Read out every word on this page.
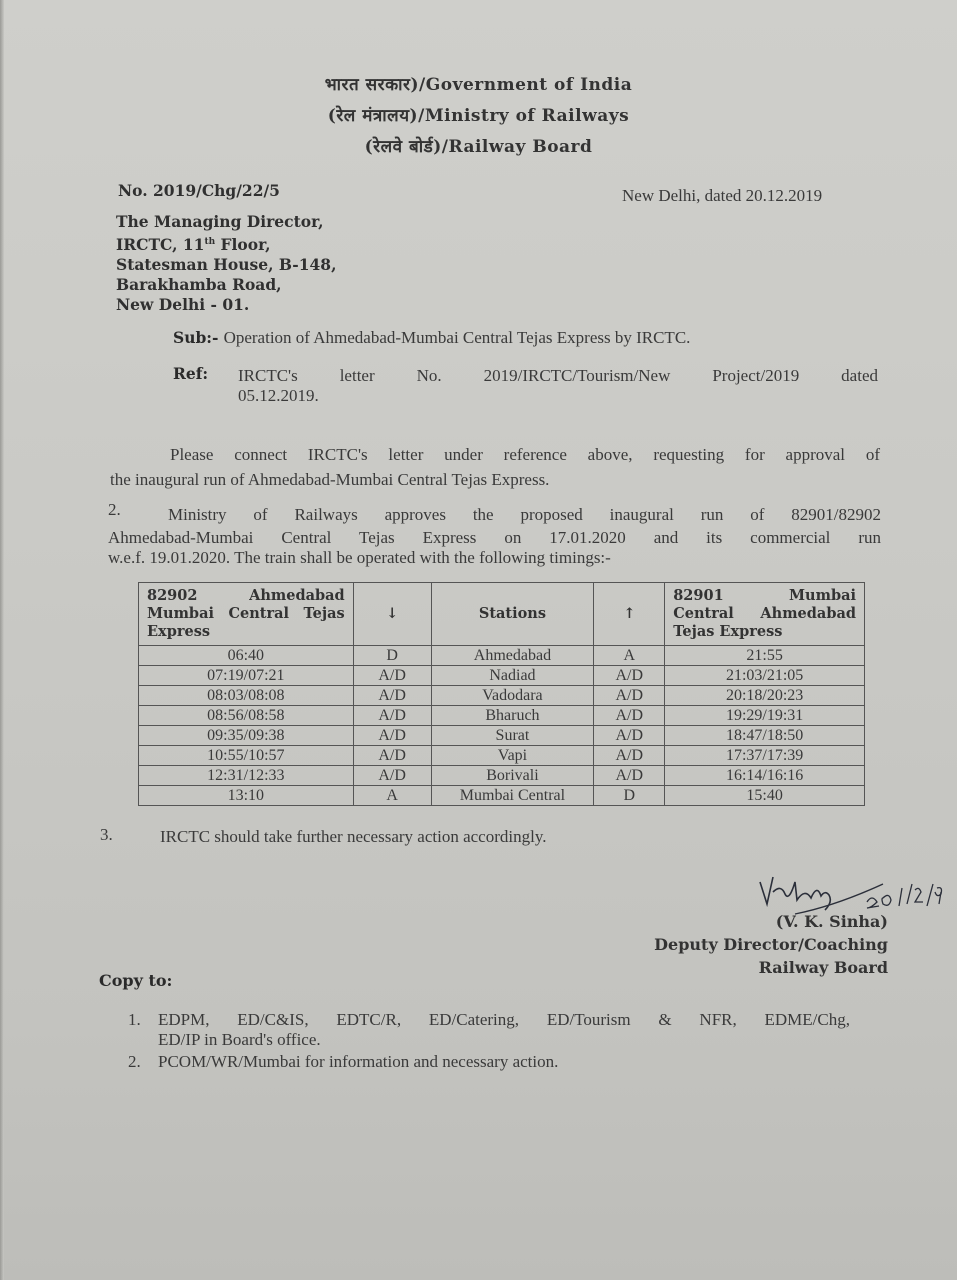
भारत सरकार)/Government of India
(रेल मंत्रालय)/Ministry of Railways
(रेलवे बोर्ड)/Railway Board
No. 2019/Chg/22/5	New Delhi, dated 20.12.2019
The Managing Director,
IRCTC, 11th Floor,
Statesman House, B-148,
Barakhamba Road,
New Delhi - 01.
Sub:- Operation of Ahmedabad-Mumbai Central Tejas Express by IRCTC.
Ref: IRCTC's letter No. 2019/IRCTC/Tourism/New Project/2019 dated
05.12.2019.
Please connect IRCTC's letter under reference above, requesting for approval of
the inaugural run of Ahmedabad-Mumbai Central Tejas Express.
2.	Ministry of Railways approves the proposed inaugural run of 82901/82902
Ahmedabad-Mumbai Central Tejas Express on 17.01.2020 and its commercial run
w.e.f. 19.01.2020. The train shall be operated with the following timings:-
82902 Ahmedabad Mumbai Central Tejas Express	↓	Stations	↑	82901 Mumbai Central Ahmedabad Tejas Express
06:40	D	Ahmedabad	A	21:55
07:19/07:21	A/D	Nadiad	A/D	21:03/21:05
08:03/08:08	A/D	Vadodara	A/D	20:18/20:23
08:56/08:58	A/D	Bharuch	A/D	19:29/19:31
09:35/09:38	A/D	Surat	A/D	18:47/18:50
10:55/10:57	A/D	Vapi	A/D	17:37/17:39
12:31/12:33	A/D	Borivali	A/D	16:14/16:16
13:10	A	Mumbai Central	D	15:40
3.	IRCTC should take further necessary action accordingly.
(V. K. Sinha)
Deputy Director/Coaching
Railway Board
Copy to:
1.	EDPM, ED/C&IS, EDTC/R, ED/Catering, ED/Tourism & NFR, EDME/Chg,
ED/IP in Board's office.
2.	PCOM/WR/Mumbai for information and necessary action.
